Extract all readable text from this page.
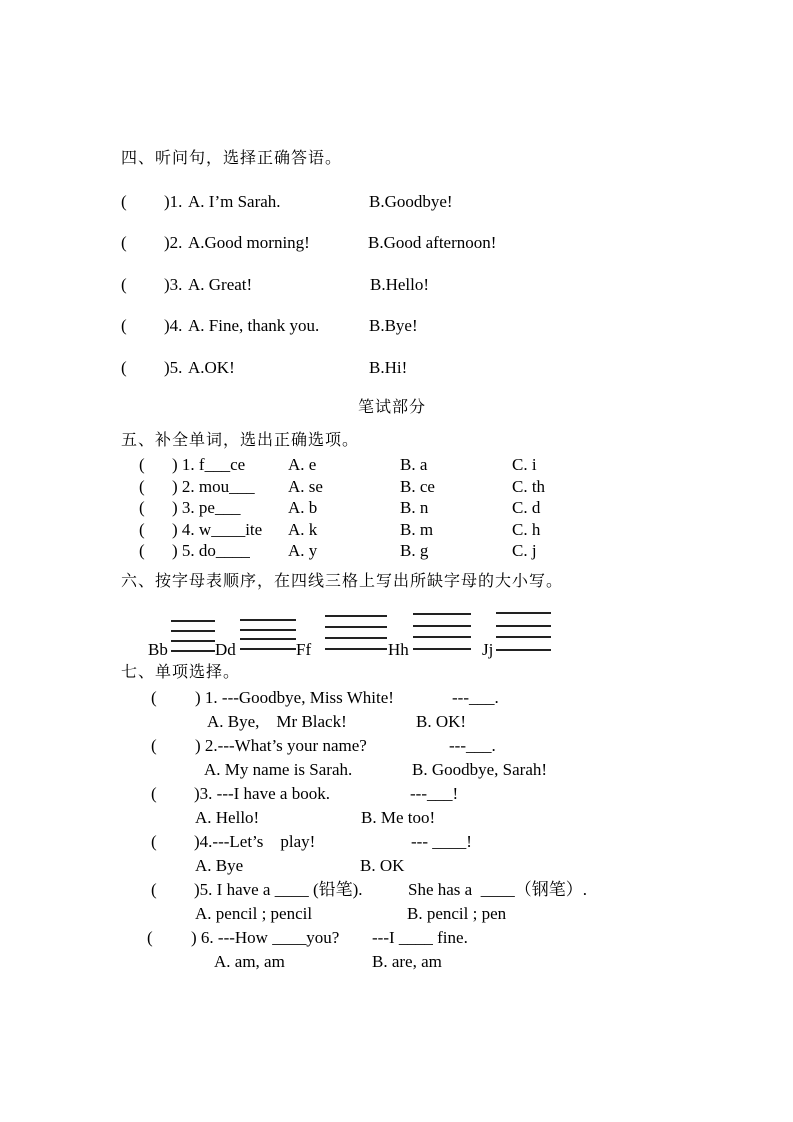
四、听问句，选择正确答语。
( )1. A. I’m Sarah.	B.Goodbye!
( )2. A.Good morning!	B.Good afternoon!
( )3. A. Great!	B.Hello!
( )4. A. Fine, thank you.	B.Bye!
( )5. A.OK!	B.Hi!
笔试部分
五、补全单词，选出正确选项。
( ) 1. f___ce	A. e	B. a	C. i
( ) 2. mou___ A. se	B. ce	C. th
( ) 3. pe___	A. b	B. n	C. d
( ) 4. w____ite A. k	B. m	C. h
( ) 5. do____ A. y	B. g	C. j
六、按字母表顺序，在四线三格上写出所缺字母的大小写。
Bb	Dd	Ff	Hh	Jj
七、单项选择。
( ) 1. ---Goodbye, Miss White!	---___.
A. Bye,    Mr Black!	B. OK!
( ) 2.---What’s your name?	---___.
A. My name is Sarah.	B. Goodbye, Sarah!
( )3. ---I have a book.	---___!
A. Hello!	B. Me too!
( )4.---Let’s    play!	--- ____!
A. Bye	B. OK
( )5. I have a ____ (铅笔).	She has a  ____（钢笔）.
A. pencil ; pencil	B. pencil ; pen
( ) 6. ---How ____you? ---I ____ fine.
A. am, am	B. are, am
